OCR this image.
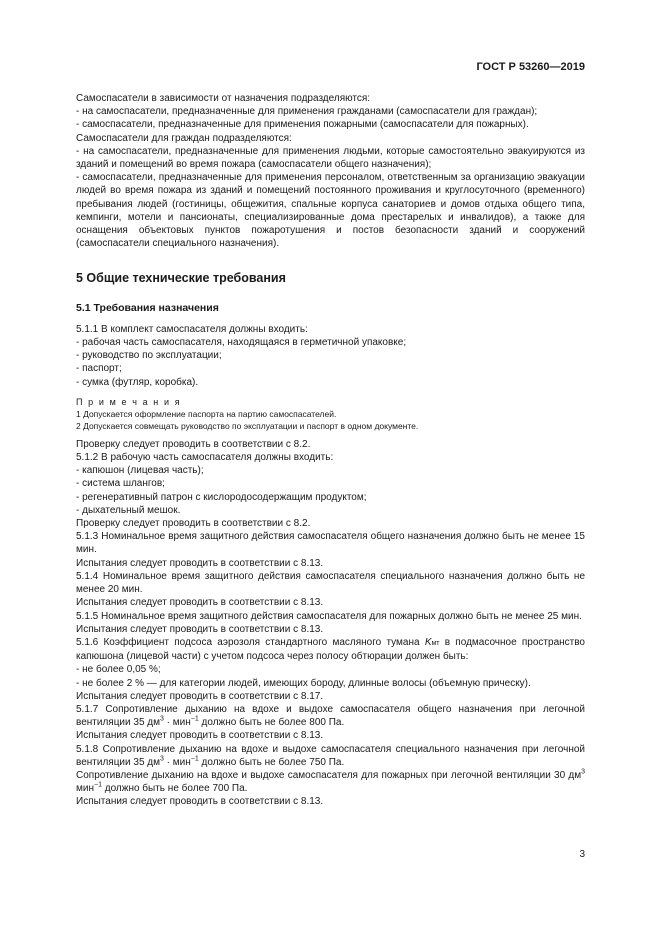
ГОСТ Р 53260—2019

Самоспасатели в зависимости от назначения подразделяются:

- на самоспасатели, предназначенные для применения гражданами (самоспасатели для граждан);

- самоспасатели, предназначенные для применения пожарными (самоспасатели для пожарных).

Самоспасатели для граждан подразделяются:

- на самоспасатели, предназначенные для применения людьми, которые самостоятельно эвакуируются из зданий и помещений во время пожара (самоспасатели общего назначения);

- самоспасатели, предназначенные для применения персоналом, ответственным за организацию эвакуации людей во время пожара из зданий и помещений постоянного проживания и круглосуточного (временного) пребывания людей (гостиницы, общежития, спальные корпуса санаториев и домов отдыха общего типа, кемпинги, мотели и пансионаты, специализированные дома престарелых и инвалидов), а также для оснащения объектовых пунктов пожаротушения и постов безопасности зданий и сооружений (самоспасатели специального назначения).

5 Общие технические требования
5.1 Требования назначения

5.1.1 В комплект самоспасателя должны входить:

- рабочая часть самоспасателя, находящаяся в герметичной упаковке;

- руководство по эксплуатации;

- паспорт;

- сумка (футляр, коробка).

П р и м е ч а н и я

1 Допускается оформление паспорта на партию самоспасателей.

2 Допускается совмещать руководство по эксплуатации и паспорт в одном документе.

Проверку следует проводить в соответствии с 8.2.

5.1.2 В рабочую часть самоспасателя должны входить:

- капюшон (лицевая часть);

- система шлангов;

- регенеративный патрон с кислородосодержащим продуктом;

- дыхательный мешок.

Проверку следует проводить в соответствии с 8.2.

5.1.3 Номинальное время защитного действия самоспасателя общего назначения должно быть не менее 15 мин.

Испытания следует проводить в соответствии с 8.13.

5.1.4 Номинальное время защитного действия самоспасателя специального назначения должно быть не менее 20 мин.

Испытания следует проводить в соответствии с 8.13.

5.1.5 Номинальное время защитного действия самоспасателя для пожарных должно быть не менее 25 мин.

Испытания следует проводить в соответствии с 8.13.

5.1.6 Коэффициент подсоса аэрозоля стандартного масляного тумана Kмт в подмасочное пространство капюшона (лицевой части) с учетом подсоса через полосу обтюрации должен быть:

- не более 0,05 %;

- не более 2 % — для категории людей, имеющих бороду, длинные волосы (объемную прическу).

Испытания следует проводить в соответствии с 8.17.

5.1.7 Сопротивление дыханию на вдохе и выдохе самоспасателя общего назначения при легочной вентиляции 35 $дм^3 \cdot мин^{-1}$ должно быть не более 800 Па.

Испытания следует проводить в соответствии с 8.13.

5.1.8 Сопротивление дыханию на вдохе и выдохе самоспасателя специального назначения при легочной вентиляции 35 $дм^3 \cdot мин^{-1}$ должно быть не более 750 Па.

Сопротивление дыханию на вдохе и выдохе самоспасателя для пожарных при легочной вентиляции 30 $дм^3$ мин$^{-1}$ должно быть не более 700 Па.

Испытания следует проводить в соответствии с 8.13.

3
